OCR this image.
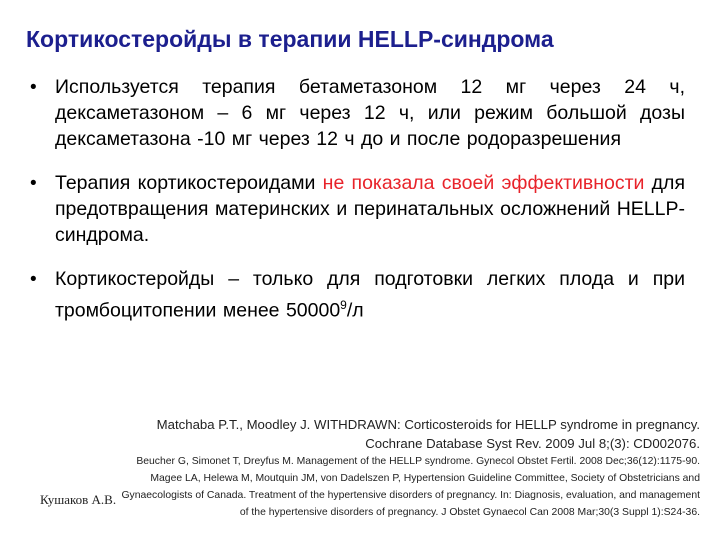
Кортикостеройды в терапии HELLP-синдрома
• Используется терапия бетаметазоном 12 мг через 24 ч, дексаметазоном – 6 мг через 12 ч, или режим большой дозы дексаметазона -10 мг через 12 ч до и после родоразрешения
• Терапия кортикостероидами не показала своей эффективности для предотвращения материнских и перинатальных осложнений HELLP-синдрома.
• Кортикостеройды – только для подготовки легких плода и при тромбоцитопении менее 50000$^9$/л
Matchaba P.T., Moodley J. WITHDRAWN: Corticosteroids for HELLP syndrome in pregnancy.
Cochrane Database Syst Rev. 2009 Jul 8;(3): CD002076.
Beucher G, Simonet T, Dreyfus M. Management of the HELLP syndrome. Gynecol Obstet Fertil. 2008 Dec;36(12):1175-90.
Magee LA, Helewa M, Moutquin JM, von Dadelszen P, Hypertension Guideline Committee, Society of Obstetricians and
Gynaecologists of Canada. Treatment of the hypertensive disorders of pregnancy. In: Diagnosis, evaluation, and management
of the hypertensive disorders of pregnancy. J Obstet Gynaecol Can 2008 Mar;30(3 Suppl 1):S24-36.
Кушаков А.В.
